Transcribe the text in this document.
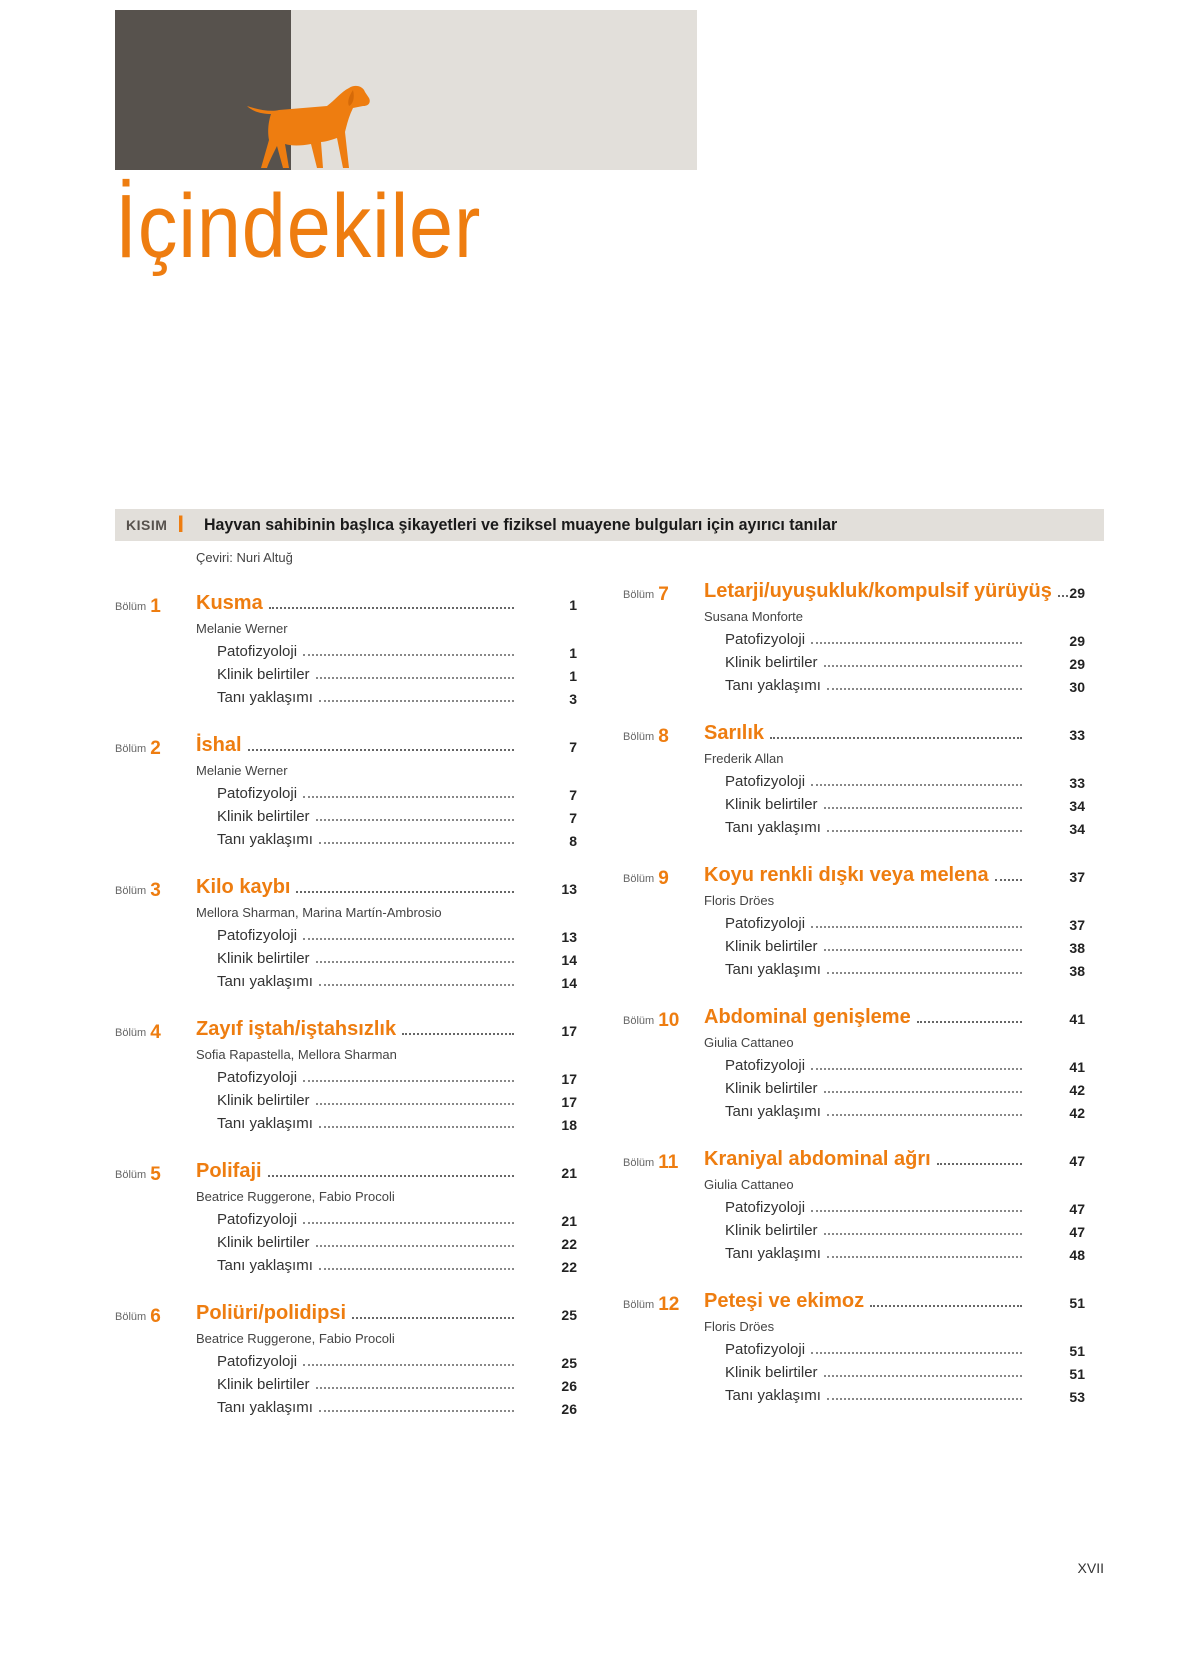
İçindekiler
KISIM I Hayvan sahibinin başlıca şikayetleri ve fiziksel muayene bulguları için ayırıcı tanılar
Çeviri: Nuri Altuğ
Bölüm 1 Kusma	1
Melanie Werner
Patofizyoloji	1
Klinik belirtiler	1
Tanı yaklaşımı	3
Bölüm 2 İshal	7
Melanie Werner
Patofizyoloji	7
Klinik belirtiler	7
Tanı yaklaşımı	8
Bölüm 3 Kilo kaybı	13
Mellora Sharman, Marina Martín-Ambrosio
Patofizyoloji	13
Klinik belirtiler	14
Tanı yaklaşımı	14
Bölüm 4 Zayıf iştah/iştahsızlık	17
Sofia Rapastella, Mellora Sharman
Patofizyoloji	17
Klinik belirtiler	17
Tanı yaklaşımı	18
Bölüm 5 Polifaji	21
Beatrice Ruggerone, Fabio Procoli
Patofizyoloji	21
Klinik belirtiler	22
Tanı yaklaşımı	22
Bölüm 6 Poliüri/polidipsi	25
Beatrice Ruggerone, Fabio Procoli
Patofizyoloji	25
Klinik belirtiler	26
Tanı yaklaşımı	26
Bölüm 7 Letarji/uyuşukluk/kompulsif yürüyüş	29
Susana Monforte
Patofizyoloji	29
Klinik belirtiler	29
Tanı yaklaşımı	30
Bölüm 8 Sarılık	33
Frederik Allan
Patofizyoloji	33
Klinik belirtiler	34
Tanı yaklaşımı	34
Bölüm 9 Koyu renkli dışkı veya melena	37
Floris Dröes
Patofizyoloji	37
Klinik belirtiler	38
Tanı yaklaşımı	38
Bölüm 10 Abdominal genişleme	41
Giulia Cattaneo
Patofizyoloji	41
Klinik belirtiler	42
Tanı yaklaşımı	42
Bölüm 11 Kraniyal abdominal ağrı	47
Giulia Cattaneo
Patofizyoloji	47
Klinik belirtiler	47
Tanı yaklaşımı	48
Bölüm 12 Peteşi ve ekimoz	51
Floris Dröes
Patofizyoloji	51
Klinik belirtiler	51
Tanı yaklaşımı	53
XVII
